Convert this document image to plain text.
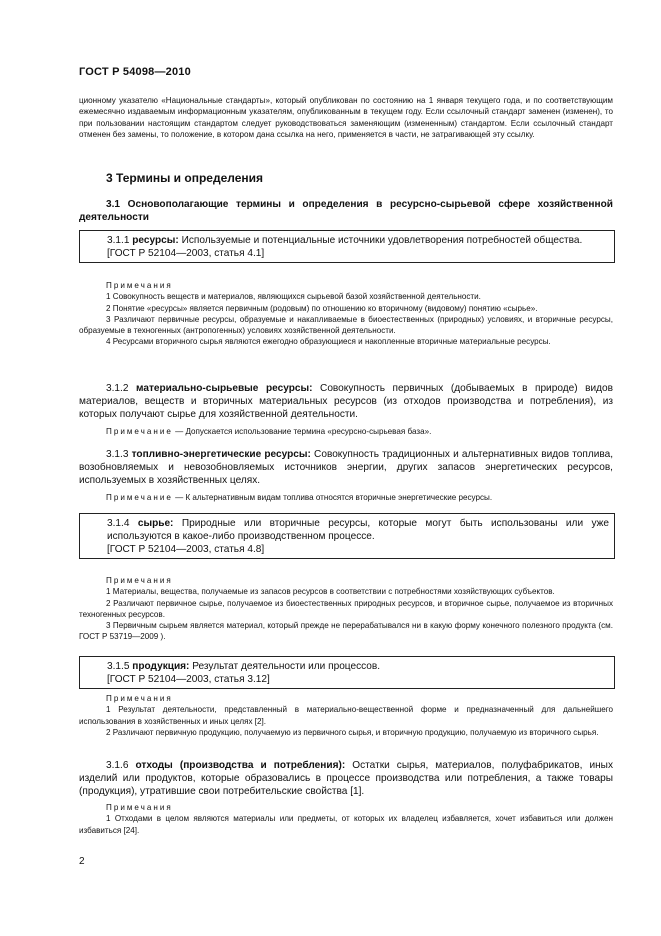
ГОСТ Р 54098—2010

ционному указателю «Национальные стандарты», который опубликован по состоянию на 1 января текущего года, и по соответствующим ежемесячно издаваемым информационным указателям, опубликованным в текущем году. Если ссылочный стандарт заменен (изменен), то при пользовании настоящим стандартом следует руководствоваться заменяющим (измененным) стандартом. Если ссылочный стандарт отменен без замены, то положение, в котором дана ссылка на него, применяется в части, не затрагивающей эту ссылку.

3 Термины и определения

3.1 Основополагающие термины и определения в ресурсно-сырьевой сфере хозяйственной деятельности

3.1.1 ресурсы: Используемые и потенциальные источники удовлетворения потребностей общества.

[ГОСТ Р 52104—2003, статья 4.1]

Примечания

1 Совокупность веществ и материалов, являющихся сырьевой базой хозяйственной деятельности.

2 Понятие «ресурсы» является первичным (родовым) по отношению ко вторичному (видовому) понятию «сырье».

3 Различают первичные ресурсы, образуемые и накапливаемые в биоестественных (природных) условиях, и вторичные ресурсы, образуемые в техногенных (антропогенных) условиях хозяйственной деятельности.

4 Ресурсами вторичного сырья являются ежегодно образующиеся и накопленные вторичные материальные ресурсы.

3.1.2 материально-сырьевые ресурсы: Совокупность первичных (добываемых в природе) видов материалов, веществ и вторичных материальных ресурсов (из отходов производства и потребления), из которых получают сырье для хозяйственной деятельности.

Примечание — Допускается использование термина «ресурсно-сырьевая база».

3.1.3 топливно-энергетические ресурсы: Совокупность традиционных и альтернативных видов топлива, возобновляемых и невозобновляемых источников энергии, других запасов энергетических ресурсов, используемых в хозяйственных целях.

Примечание — К альтернативным видам топлива относятся вторичные энергетические ресурсы.

3.1.4 сырье: Природные или вторичные ресурсы, которые могут быть использованы или уже используются в какое-либо производственном процессе.

[ГОСТ Р 52104—2003, статья 4.8]

Примечания

1 Материалы, вещества, получаемые из запасов ресурсов в соответствии с потребностями хозяйствующих субъектов.

2 Различают первичное сырье, получаемое из биоестественных природных ресурсов, и вторичное сырье, получаемое из вторичных техногенных ресурсов.

3 Первичным сырьем является материал, который прежде не перерабатывался ни в какую форму конечного полезного продукта (см. ГОСТ Р 53719—2009 ).

3.1.5 продукция: Результат деятельности или процессов.

[ГОСТ Р 52104—2003, статья 3.12]

Примечания

1 Результат деятельности, представленный в материально-вещественной форме и предназначенный для дальнейшего использования в хозяйственных и иных целях [2].

2 Различают первичную продукцию, получаемую из первичного сырья, и вторичную продукцию, получаемую из вторичного сырья.

3.1.6 отходы (производства и потребления): Остатки сырья, материалов, полуфабрикатов, иных изделий или продуктов, которые образовались в процессе производства или потребления, а также товары (продукция), утратившие свои потребительские свойства [1].

Примечания

1 Отходами в целом являются материалы или предметы, от которых их владелец избавляется, хочет избавиться или должен избавиться [24].

2
